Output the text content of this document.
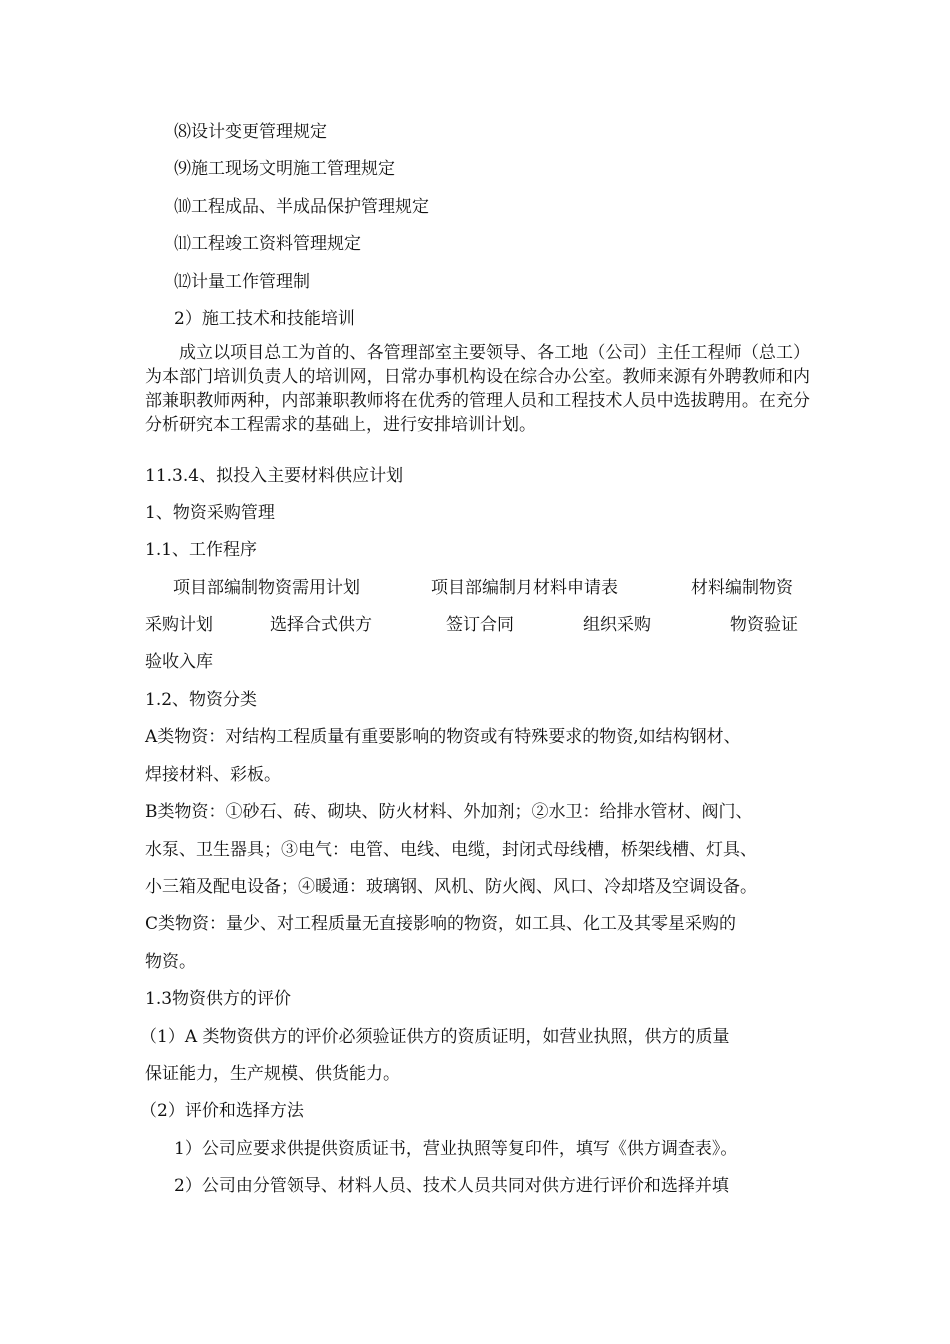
⑻设计变更管理规定
⑼施工现场文明施工管理规定
⑽工程成品、半成品保护管理规定
⑾工程竣工资料管理规定
⑿计量工作管理制
2）施工技术和技能培训
成立以项目总工为首的、各管理部室主要领导、各工地（公司）主任工程师（总工）为本部门培训负责人的培训网，日常办事机构设在综合办公室。教师来源有外聘教师和内部兼职教师两种，内部兼职教师将在优秀的管理人员和工程技术人员中选拔聘用。在充分分析研究本工程需求的基础上，进行安排培训计划。
11.3.4、拟投入主要材料供应计划
1、物资采购管理
1.1、工作程序
项目部编制物资需用计划	项目部编制月材料申请表	材料编制物资
采购计划	选择合式供方	签订合同	组织采购	物资验证
验收入库
1.2、物资分类
A类物资：对结构工程质量有重要影响的物资或有特殊要求的物资,如结构钢材、
焊接材料、彩板。
B类物资：①砂石、砖、砌块、防火材料、外加剂；②水卫：给排水管材、阀门、
水泵、卫生器具；③电气：电管、电线、电缆，封闭式母线槽，桥架线槽、灯具、
小三箱及配电设备；④暖通：玻璃钢、风机、防火阀、风口、冷却塔及空调设备。
C类物资：量少、对工程质量无直接影响的物资，如工具、化工及其零星采购的
物资。
1.3物资供方的评价
（1）A 类物资供方的评价必须验证供方的资质证明，如营业执照，供方的质量
保证能力，生产规模、供货能力。
（2）评价和选择方法
1）公司应要求供提供资质证书，营业执照等复印件，填写《供方调查表》。
2）公司由分管领导、材料人员、技术人员共同对供方进行评价和选择并填
